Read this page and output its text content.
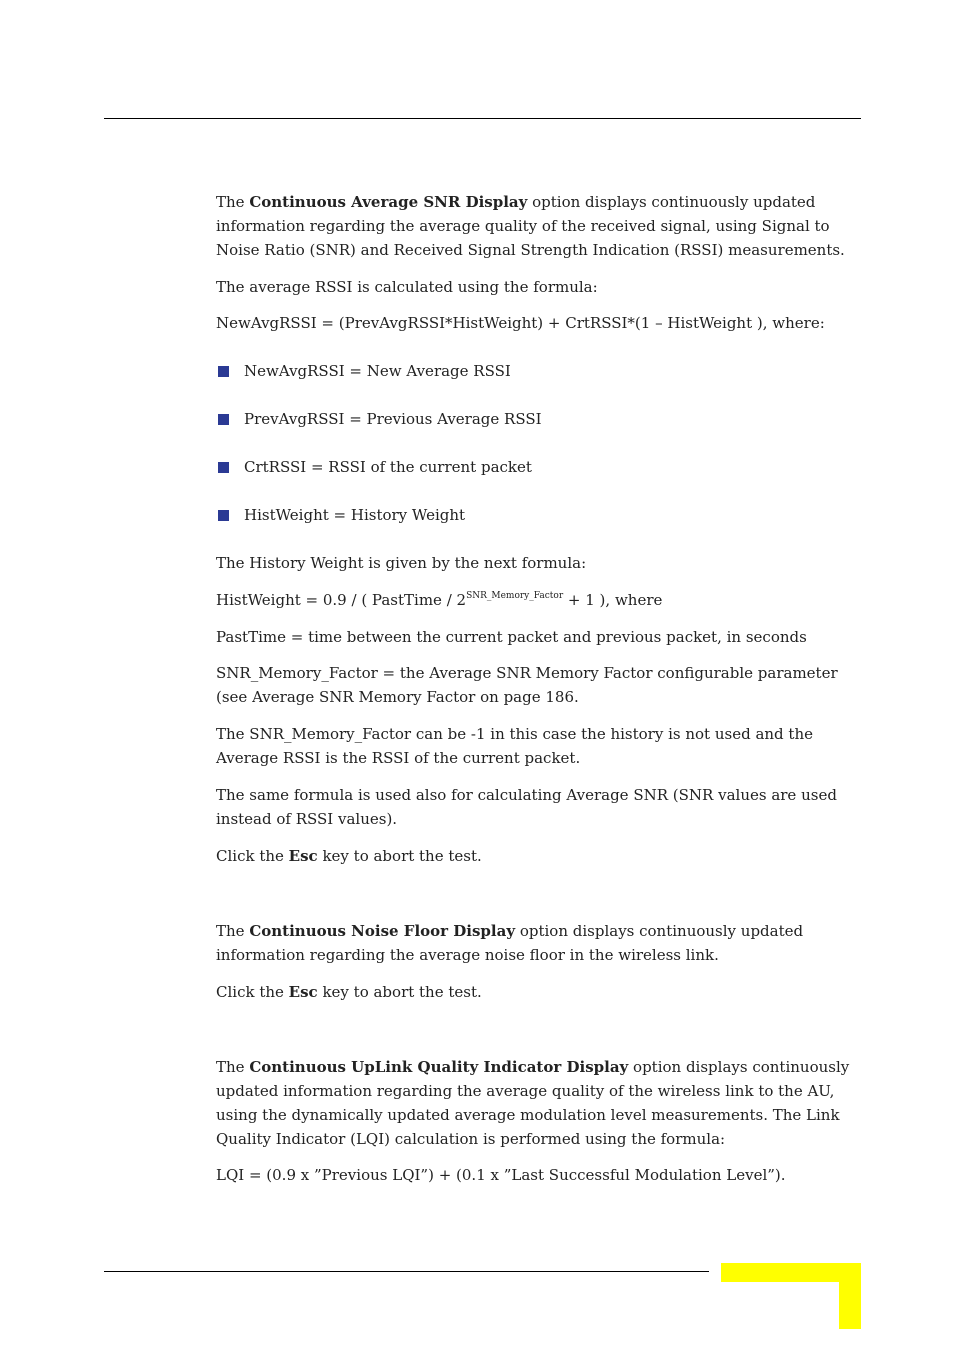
The Continuous Average SNR Display option displays continuously updated information regarding the average quality of the received signal, using Signal to Noise Ratio (SNR) and Received Signal Strength Indication (RSSI) measurements.

The average RSSI is calculated using the formula:

NewAvgRSSI = (PrevAvgRSSI*HistWeight) + CrtRSSI*(1 – HistWeight ), where:

NewAvgRSSI = New Average RSSI
PrevAvgRSSI = Previous Average RSSI
CrtRSSI = RSSI of the current packet
HistWeight = History Weight

The History Weight is given by the next formula:

HistWeight = 0.9 / ( PastTime / $2^{SNR\_Memory\_Factor} + 1$ ), where

PastTime = time between the current packet and previous packet, in seconds

SNR_Memory_Factor = the Average SNR Memory Factor configurable parameter (see Average SNR Memory Factor on page 186.

The SNR_Memory_Factor can be -1 in this case the history is not used and the Average RSSI is the RSSI of the current packet.

The same formula is used also for calculating Average SNR (SNR values are used instead of RSSI values).

Click the Esc key to abort the test.

The Continuous Noise Floor Display option displays continuously updated information regarding the average noise floor in the wireless link.

Click the Esc key to abort the test.

The Continuous UpLink Quality Indicator Display option displays continuously updated information regarding the average quality of the wireless link to the AU, using the dynamically updated average modulation level measurements. The Link Quality Indicator (LQI) calculation is performed using the formula:

LQI = (0.9 x ”Previous LQI”) + (0.1 x ”Last Successful Modulation Level”).
